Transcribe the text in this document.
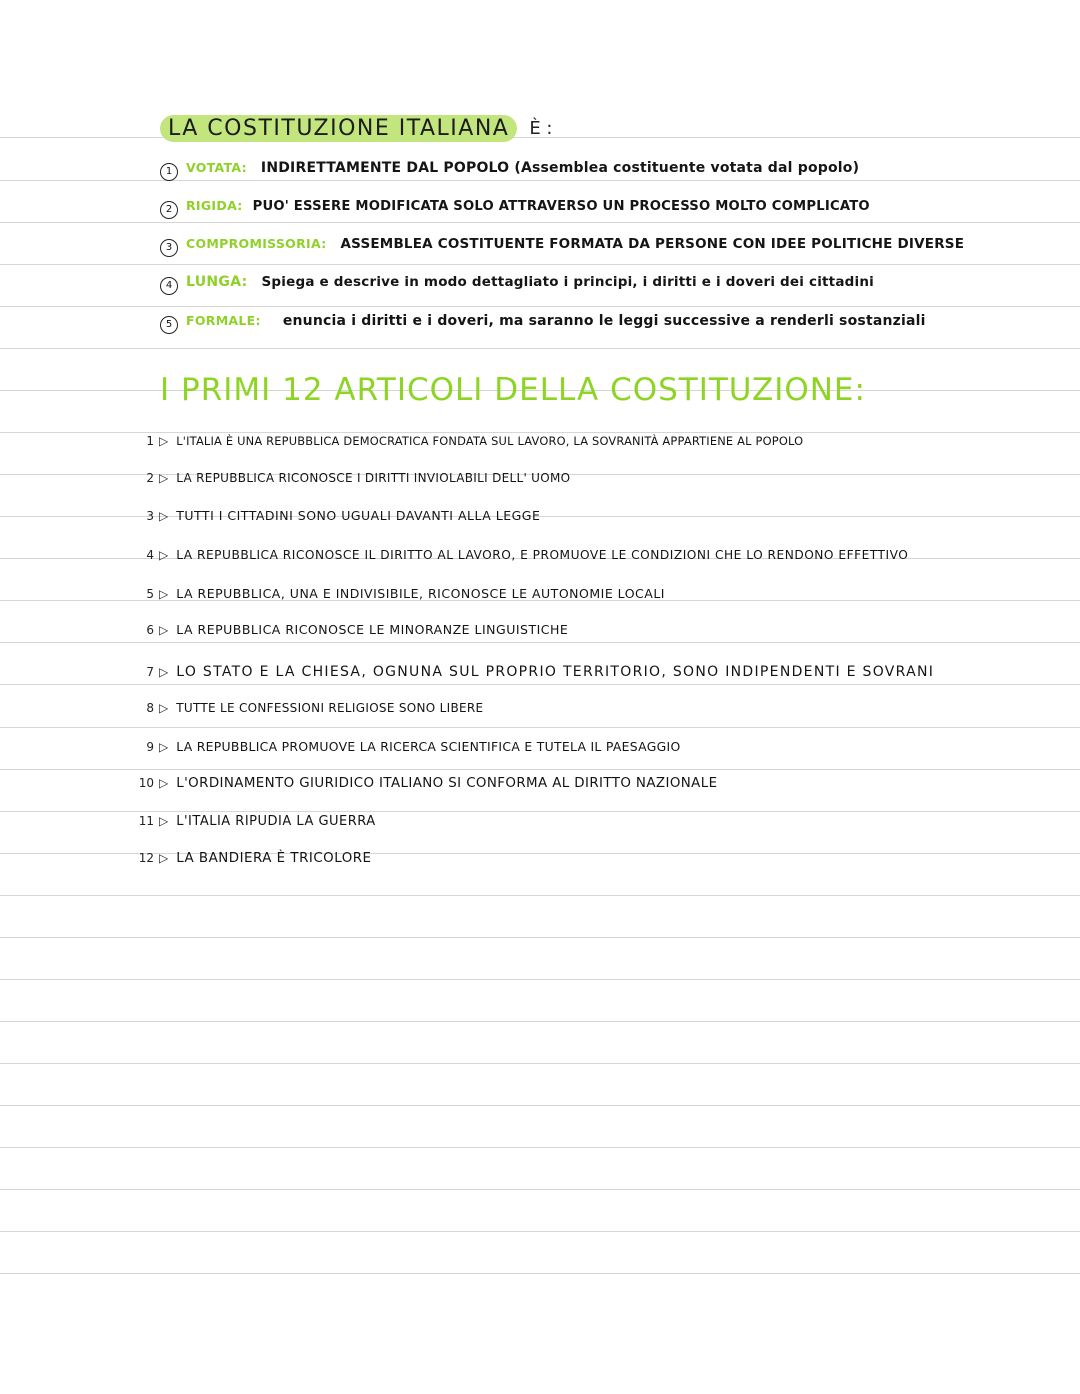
LA COSTITUZIONE ITALIANA	È :
1	VOTATA: INDIRETTAMENTE DAL POPOLO (Assemblea costituente votata dal popolo)
2	RIGIDA: PUO' ESSERE MODIFICATA SOLO ATTRAVERSO UN PROCESSO MOLTO COMPLICATO
3	COMPROMISSORIA: ASSEMBLEA COSTITUENTE FORMATA DA PERSONE CON IDEE POLITICHE DIVERSE
4 LUNGA: Spiega e descrive in modo dettagliato i principi, i diritti e i doveri dei cittadini
5	FORMALE: enuncia i diritti e i doveri, ma saranno le leggi successive a renderli sostanziali
I PRIMI 12 ARTICOLI DELLA COSTITUZIONE:
1 ▷ L'ITALIA È UNA REPUBBLICA DEMOCRATICA FONDATA SUL LAVORO, LA SOVRANITÀ APPARTIENE AL POPOLO
2 ▷ LA REPUBBLICA RICONOSCE I DIRITTI INVIOLABILI DELL' UOMO
3 ▷ TUTTI I CITTADINI SONO UGUALI DAVANTI ALLA LEGGE
4 ▷ LA REPUBBLICA RICONOSCE IL DIRITTO AL LAVORO, E PROMUOVE LE CONDIZIONI CHE LO RENDONO EFFETTIVO
5 ▷ LA REPUBBLICA, UNA E INDIVISIBILE, RICONOSCE LE AUTONOMIE LOCALI
6 ▷ LA REPUBBLICA RICONOSCE LE MINORANZE LINGUISTICHE
7 ▷ LO STATO E LA CHIESA, OGNUNA SUL PROPRIO TERRITORIO, SONO INDIPENDENTI E SOVRANI
8 ▷ TUTTE LE CONFESSIONI RELIGIOSE SONO LIBERE
9 ▷ LA REPUBBLICA PROMUOVE LA RICERCA SCIENTIFICA E TUTELA IL PAESAGGIO
10 ▷ L'ORDINAMENTO GIURIDICO ITALIANO SI CONFORMA AL DIRITTO NAZIONALE
11 ▷ L'ITALIA RIPUDIA LA GUERRA
12 ▷ LA BANDIERA È TRICOLORE
